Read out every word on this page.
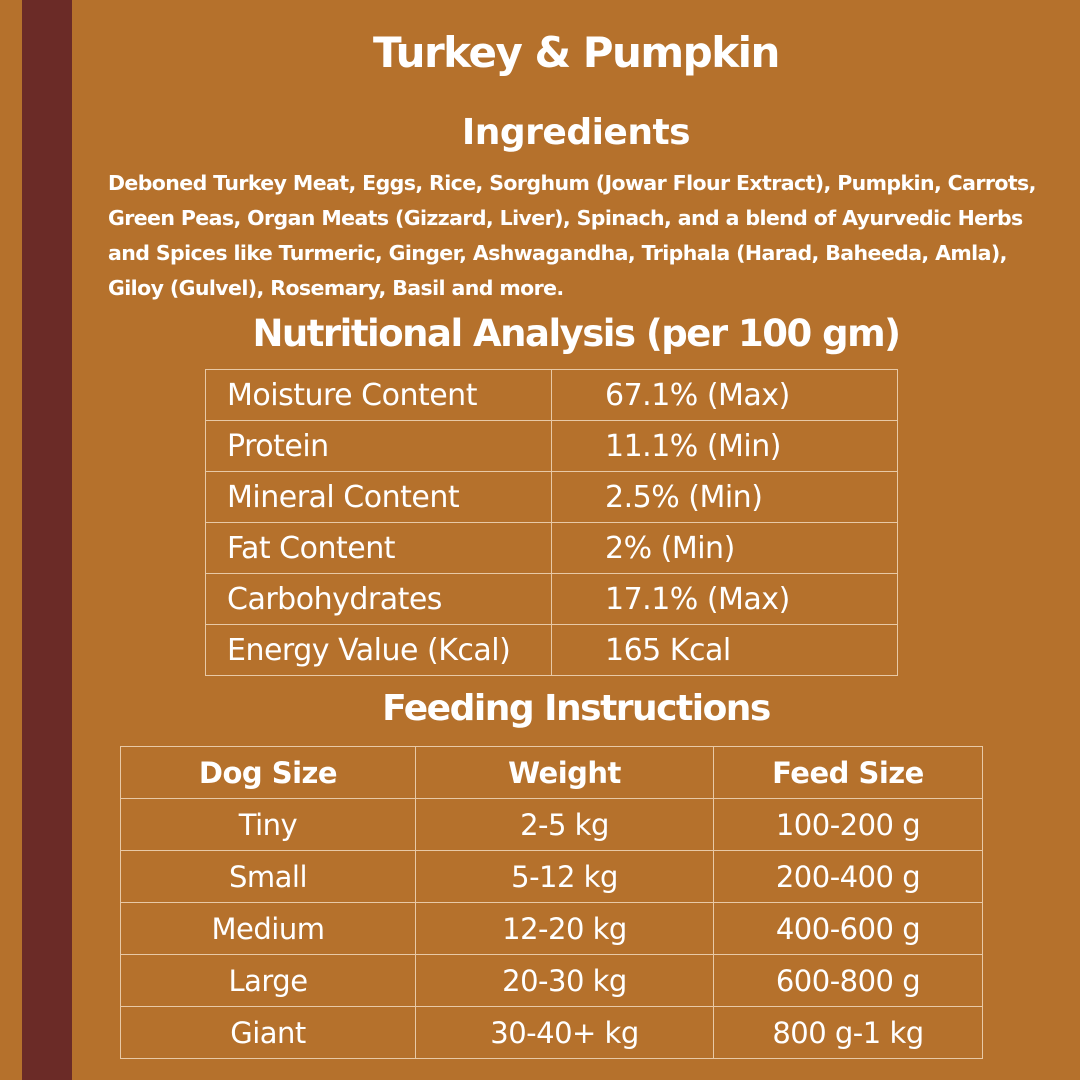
Turkey & Pumpkin
Ingredients
Deboned Turkey Meat, Eggs, Rice, Sorghum (Jowar Flour Extract), Pumpkin, Carrots, Green Peas, Organ Meats (Gizzard, Liver), Spinach, and a blend of Ayurvedic Herbs and Spices like Turmeric, Ginger, Ashwagandha, Triphala (Harad, Baheeda, Amla), Giloy (Gulvel), Rosemary, Basil and more.
Nutritional Analysis (per 100 gm)
Moisture Content	67.1% (Max)
Protein	11.1% (Min)
Mineral Content	2.5% (Min)
Fat Content	2% (Min)
Carbohydrates	17.1% (Max)
Energy Value (Kcal)	165 Kcal
Feeding Instructions
Dog Size	Weight	Feed Size
Tiny	2-5 kg	100-200 g
Small	5-12 kg	200-400 g
Medium	12-20 kg	400-600 g
Large	20-30 kg	600-800 g
Giant	30-40+ kg	800 g-1 kg
